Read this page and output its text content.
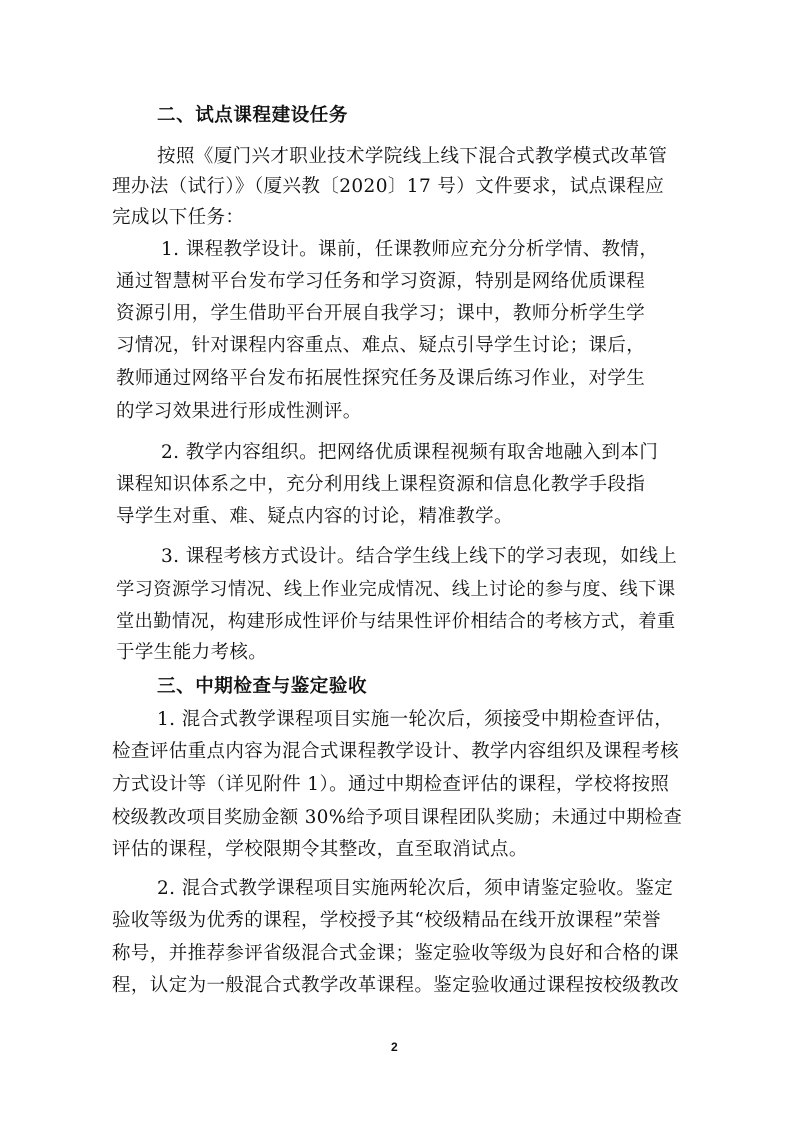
二、试点课程建设任务
按照《厦门兴才职业技术学院线上线下混合式教学模式改革管
理办法（试行）》（厦兴教〔2020〕17 号）文件要求，试点课程应
完成以下任务：
1. 课程教学设计。课前，任课教师应充分分析学情、教情，
通过智慧树平台发布学习任务和学习资源，特别是网络优质课程
资源引用，学生借助平台开展自我学习；课中，教师分析学生学
习情况，针对课程内容重点、难点、疑点引导学生讨论；课后，
教师通过网络平台发布拓展性探究任务及课后练习作业，对学生
的学习效果进行形成性测评。
2. 教学内容组织。把网络优质课程视频有取舍地融入到本门
课程知识体系之中，充分利用线上课程资源和信息化教学手段指
导学生对重、难、疑点内容的讨论，精准教学。
3. 课程考核方式设计。结合学生线上线下的学习表现，如线上
学习资源学习情况、线上作业完成情况、线上讨论的参与度、线下课
堂出勤情况，构建形成性评价与结果性评价相结合的考核方式，着重
于学生能力考核。
三、中期检查与鉴定验收
1. 混合式教学课程项目实施一轮次后，须接受中期检查评估，
检查评估重点内容为混合式课程教学设计、教学内容组织及课程考核
方式设计等（详见附件 1）。通过中期检查评估的课程，学校将按照
校级教改项目奖励金额 30%给予项目课程团队奖励；未通过中期检查
评估的课程，学校限期令其整改，直至取消试点。
2. 混合式教学课程项目实施两轮次后，须申请鉴定验收。鉴定
验收等级为优秀的课程，学校授予其“校级精品在线开放课程”荣誉
称号，并推荐参评省级混合式金课；鉴定验收等级为良好和合格的课
程，认定为一般混合式教学改革课程。鉴定验收通过课程按校级教改
2
